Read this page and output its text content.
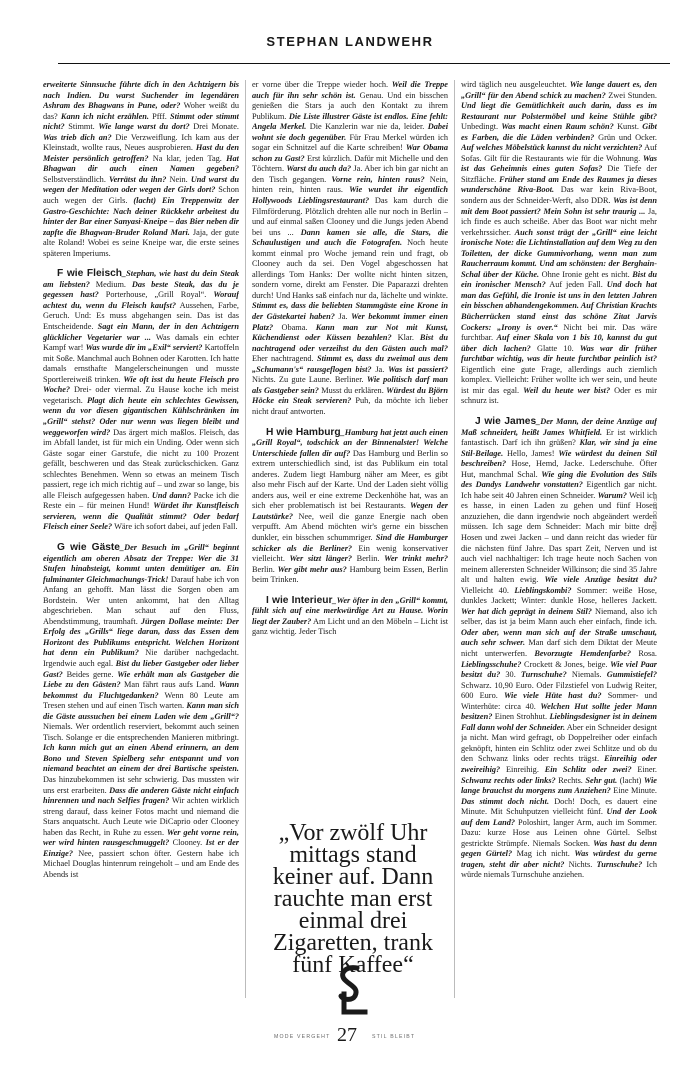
STEPHAN LANDWEHR

erweiterte Sinnsuche führte dich in den Achtzigern bis nach Indien. Du warst Suchender im legendären Ashram des Bhagwans in Pune, oder? Woher weißt du das? Kann ich nicht erzählen. Pfff. Stimmt oder stimmt nicht? Stimmt. Wie lange warst du dort? Drei Monate. Was trieb dich an? Die Verzweiflung. Ich kam aus der Kleinstadt, wollte raus, Neues ausprobieren. Hast du den Meister persönlich getroffen? Na klar, jeden Tag. Hat Bhagwan dir auch einen Namen gegeben? Selbstverständlich. Verrätst du ihn? Nein. Und warst du wegen der Meditation oder wegen der Girls dort? Schon auch wegen der Girls. (lacht) Ein Treppenwitz der Gastro-Geschichte: Nach deiner Rückkehr arbeitest du hinter der Bar einer Sanyasi-Kneipe – das Bier neben dir zapfte die Bhagwan-Bruder Roland Mari. Jaja, der gute alte Roland! Wobei es seine Kneipe war, die erste seines späteren Imperiums.

F wie Fleisch_Stephan, wie hast du dein Steak am liebsten? Medium. Das beste Steak, das du je gegessen hast? Porterhouse, „Grill Royal“. Worauf achtest du, wenn du Fleisch kaufst? Aussehen, Farbe, Geruch. Und: Es muss abgehangen sein. Das ist das Entscheidende. Sagt ein Mann, der in den Achtzigern glücklicher Vegetarier war ... Was damals ein echter Kampf war! Was wurde dir im „Exil“ serviert? Kartoffeln mit Soße. Manchmal auch Bohnen oder Karotten. Ich hatte damals ernsthafte Mangelerscheinungen und musste Sportlereiweiß trinken. Wie oft isst du heute Fleisch pro Woche? Drei- oder viermal. Zu Hause koche ich meist vegetarisch. Plagt dich heute ein schlechtes Gewissen, wenn du vor diesen gigantischen Kühlschränken im „Grill“ stehst? Oder nur wenn was liegen bleibt und weggeworfen wird? Das ärgert mich maßlos. Fleisch, das im Abfall landet, ist für mich ein Unding. Oder wenn sich Gäste sogar einer Garstufe, die nicht zu 100 Prozent gefällt, beschweren und das Steak zurückschicken. Ganz schlechtes Benehmen. Wenn so etwas an meinem Tisch passiert, rege ich mich richtig auf – und zwar so lange, bis alle Fleisch aufgegessen haben. Und dann? Packe ich die Reste ein – für meinen Hund! Würdet ihr Kunstfleisch servieren, wenn die Qualität stimmt? Oder bedarf Fleisch einer Seele? Wäre ich sofort dabei, auf jeden Fall.

G wie Gäste_Der Besuch im „Grill“ beginnt eigentlich am oberen Absatz der Treppe: Wer die 31 Stufen hinabsteigt, kommt unten demütiger an. Ein fulminanter Gleichmachungs-Trick! Darauf habe ich von Anfang an gehofft. Man lässt die Sorgen oben am Bordstein. Wer unten ankommt, hat den Alltag abgeschrieben. Man schaut auf den Fluss, Abendstimmung, traumhaft. Jürgen Dollase meinte: Der Erfolg des „Grills“ liege daran, dass das Essen dem Horizont des Publikums entspricht. Welchen Horizont hat denn ein Publikum? Nie darüber nachgedacht. Irgendwie auch egal. Bist du lieber Gastgeber oder lieber Gast? Beides gerne. Wie erhält man als Gastgeber die Liebe zu den Gästen? Man fährt raus aufs Land. Wann bekommst du Fluchtgedanken? Wenn 80 Leute am Tresen stehen und auf einen Tisch warten. Kann man sich die Gäste aussuchen bei einem Laden wie dem „Grill“? Niemals. Wer ordentlich reserviert, bekommt auch seinen Tisch. Solange er die entsprechenden Manieren mitbringt. Ich kann mich gut an einen Abend erinnern, an dem Bono und Steven Spielberg sehr entspannt und von niemand beachtet an einem der drei Bartische speisten. Das hinzubekommen ist sehr schwierig. Das mussten wir uns erst erarbeiten. Dass die anderen Gäste nicht einfach hinrennen und nach Selfies fragen? Wir achten wirklich streng darauf, dass keiner Fotos macht und niemand die Stars anquatscht. Auch Leute wie DiCaprio oder Clooney haben das Recht, in Ruhe zu essen. Wer geht vorne rein, wer wird hinten rausgeschmuggelt? Clooney. Ist er der Einzige? Nee, passiert schon öfter. Gestern habe ich Michael Douglas hintenrum reingeholt – und am Ende des Abends ist

er vorne über die Treppe wieder hoch. Weil die Treppe auch für ihn sehr schön ist. Genau. Und ein bisschen genießen die Stars ja auch den Kontakt zu ihrem Publikum. Die Liste illustrer Gäste ist endlos. Eine fehlt: Angela Merkel. Die Kanzlerin war nie da, leider. Dabei wohnt sie doch gegenüber. Für Frau Merkel würden ich sogar ein Schnitzel auf die Karte schreiben! War Obama schon zu Gast? Erst kürzlich. Dafür mit Michelle und den Töchtern. Warst du auch da? Ja. Aber ich bin gar nicht an den Tisch gegangen. Vorne rein, hinten raus? Nein, hinten rein, hinten raus. Wie wurdet ihr eigentlich Hollywoods Lieblingsrestaurant? Das kam durch die Filmförderung. Plötzlich drehten alle nur noch in Berlin – und auf einmal saßen Clooney und die Jungs jeden Abend bei uns ... Dann kamen sie alle, die Stars, die Schaulustigen und auch die Fotografen. Noch heute kommt einmal pro Woche jemand rein und fragt, ob Clooney auch da sei. Den Vogel abgeschossen hat allerdings Tom Hanks: Der wollte nicht hinten sitzen, sondern vorne, direkt am Fenster. Die Paparazzi drehten durch! Und Hanks saß einfach nur da, lächelte und winkte. Stimmt es, dass die beliebten Stammgäste eine Krone in der Gästekartei haben? Ja. Wer bekommt immer einen Platz? Obama. Kann man zur Not mit Kunst, Küchendienst oder Küssen bezahlen? Klar. Bist du nachtragend oder verzeihst du den Gästen auch mal? Eher nachtragend. Stimmt es, dass du zweimal aus dem „Schumann's“ rausgeflogen bist? Ja. Was ist passiert? Nichts. Zu gute Laune. Berliner. Wie politisch darf man als Gastgeber sein? Musst du erklären. Würdest du Björn Höcke ein Steak servieren? Puh, da möchte ich lieber nicht drauf antworten.

H wie Hamburg_Hamburg hat jetzt auch einen „Grill Royal“, todschick an der Binnenalster! Welche Unterschiede fallen dir auf? Das Hamburg und Berlin so extrem unterschiedlich sind, ist das Publikum ein total anderes. Zudem liegt Hamburg näher am Meer, es gibt also mehr Fisch auf der Karte. Und der Laden sieht völlig anders aus, weil er eine extreme Deckenhöhe hat, was an sich eher problematisch ist bei Restaurants. Wegen der Lautstärke? Nee, weil die ganze Energie nach oben verpufft. Am Abend möchten wir's gerne ein bisschen dunkler, ein bisschen schummriger. Sind die Hamburger schicker als die Berliner? Ein wenig konservativer vielleicht. Wer sitzt länger? Berlin. Wer trinkt mehr? Berlin. Wer gibt mehr aus? Hamburg beim Essen, Berlin beim Trinken.

I wie Interieur_Wer öfter in den „Grill“ kommt, fühlt sich auf eine merkwürdige Art zu Hause. Worin liegt der Zauber? Am Licht und an den Möbeln – Licht ist ganz wichtig. Jeder Tisch

„Vor zwölf Uhr mittags stand keiner auf. Dann rauchte man erst einmal drei Zigaretten, trank fünf Kaffee“
MODE VERGEHT 27	STIL BLEIBT

wird täglich neu ausgeleuchtet. Wie lange dauert es, den „Grill“ für den Abend schick zu machen? Zwei Stunden. Und liegt die Gemütlichkeit auch darin, dass es im Restaurant nur Polstermöbel und keine Stühle gibt? Unbedingt. Was macht einen Raum schön? Kunst. Gibt es Farben, die die Läden verbinden? Grün und Ocker. Auf welches Möbelstück kannst du nicht verzichten? Auf Sofas. Gilt für die Restaurants wie für die Wohnung. Was ist das Geheimnis eines guten Sofas? Die Tiefe der Sitzfläche. Früher stand am Ende des Raumes ja dieses wunderschöne Riva-Boot. Das war kein Riva-Boot, sondern aus der Schneider-Werft, also DDR. Was ist denn mit dem Boot passiert? Mein Sohn ist sehr traurig ... Ja, ich finde es auch scheiße. Aber das Boot war nicht mehr verkehrssicher. Auch sonst trägt der „Grill“ eine leicht ironische Note: die Lichtinstallation auf dem Weg zu den Toiletten, der dicke Gummivorhang, wenn man zum Raucherraum kommt. Und am schönsten: der Berghain-Schal über der Küche. Ohne Ironie geht es nicht. Bist du ein ironischer Mensch? Auf jeden Fall. Und doch hat man das Gefühl, die Ironie ist uns in den letzten Jahren ein bisschen abhandengekommen. Auf Christian Krachts Bücherrücken stand einst das schöne Zitat Jarvis Cockers: „Irony is over.“ Nicht bei mir. Das wäre furchtbar. Auf einer Skala von 1 bis 10, kannst du gut über dich lachen? Glatte 10. Was war dir früher furchtbar wichtig, was dir heute furchtbar peinlich ist? Eigentlich eine gute Frage, allerdings auch ziemlich komplex. Vielleicht: Früher wollte ich wer sein, und heute ist mir das egal. Weil du heute wer bist? Oder es mir schnurz ist.

J wie James_Der Mann, der deine Anzüge auf Maß schneidert, heißt James Whitfield. Er ist wirklich fantastisch. Darf ich ihn grüßen? Klar, wir sind ja eine Stil-Beilage. Hello, James! Wie würdest du deinen Stil beschreiben? Hose, Hemd, Jacke. Lederschuhe. Öfter Hut, manchmal Schal. Wie ging die Evolution des Stils des Dandys Landwehr vonstatten? Eigentlich gar nicht. Ich habe seit 40 Jahren einen Schneider. Warum? Weil ich es hasse, in einen Laden zu gehen und fünf Hosen anzuziehen, die dann irgendwie noch abgeändert werden müssen. Ich sage dem Schneider: Mach mir bitte drei Hosen und zwei Jacken – und dann reicht das wieder für die nächsten fünf Jahre. Das spart Zeit, Nerven und ist auch viel nachhaltiger: Ich trage heute noch Sachen von meinem allerersten Schneider Wilkinson; die sind 35 Jahre alt und halten ewig. Wie viele Anzüge besitzt du? Vielleicht 40. Lieblingskombi? Sommer: weiße Hose, dunkles Jackett; Winter: dunkle Hose, helleres Jackett. Wer hat dich geprägt in deinem Stil? Niemand, also ich selber, das ist ja beim Mann auch eher einfach, finde ich. Oder aber, wenn man sich auf der Straße umschaut, auch sehr schwer. Man darf sich dem Diktat der Meute nicht unterwerfen. Bevorzugte Hemdenfarbe? Rosa. Lieblingsschuhe? Crockett & Jones, beige. Wie viel Paar besitzt du? 30. Turnschuhe? Niemals. Gummistiefel? Schwarz. 10,90 Euro. Oder Filzstiefel von Ludwig Reiter, 600 Euro. Wie viele Hüte hast du? Sommer- und Winterhüte: circa 40. Welchen Hut sollte jeder Mann besitzen? Einen Strohhut. Lieblingsdesigner ist in deinem Fall dann wohl der Schneider. Aber ein Schneider designt ja nicht. Man wird gefragt, ob Doppelreiher oder einfach geknöpft, hinten ein Schlitz oder zwei Schlitze und ob du den Schwanz links oder rechts trägst. Einreihig oder zweireihig? Einreihig. Ein Schlitz oder zwei? Einer. Schwanz rechts oder links? Rechts. Sehr gut. (lacht) Wie lange brauchst du morgens zum Anziehen? Eine Minute. Das stimmt doch nicht. Doch! Doch, es dauert eine Minute. Mit Schuhputzen vielleicht fünf. Und der Look auf dem Land? Poloshirt, langer Arm, auch im Sommer. Dazu: kurze Hose aus Leinen ohne Gürtel. Selbst gestrickte Strümpfe. Niemals Socken. Was hast du denn gegen Gürtel? Mag ich nicht. Was würdest du gerne tragen, steht dir aber nicht? Nichts. Turnschuhe? Ich würde niemals Turnschuhe anziehen.

FOTO: dpa
